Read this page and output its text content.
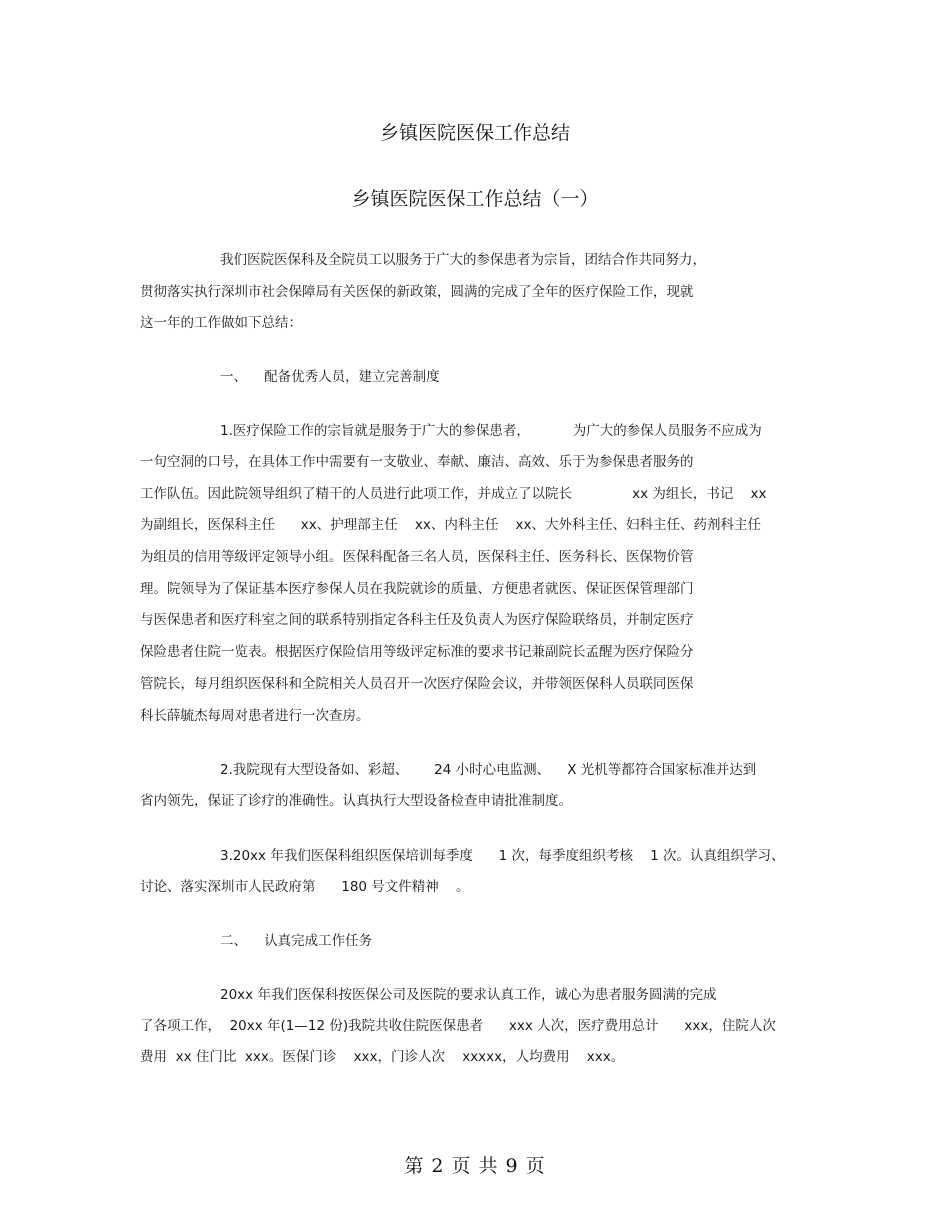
乡镇医院医保工作总结
乡镇医院医保工作总结（一）
我们医院医保科及全院员工以服务于广大的参保患者为宗旨，团结合作共同努力，
贯彻落实执行深圳市社会保障局有关医保的新政策，圆满的完成了全年的医疗保险工作，现就
这一年的工作做如下总结：
一、    配备优秀人员，建立完善制度
1.医疗保险工作的宗旨就是服务于广大的参保患者，          为广大的参保人员服务不应成为
一句空洞的口号，在具体工作中需要有一支敬业、奉献、廉洁、高效、乐于为参保患者服务的
工作队伍。因此院领导组织了精干的人员进行此项工作，并成立了以院长              xx 为组长，书记    xx
为副组长，医保科主任      xx、护理部主任    xx、内科主任    xx、大外科主任、妇科主任、药剂科主任
为组员的信用等级评定领导小组。医保科配备三名人员，医保科主任、医务科长、医保物价管
理。院领导为了保证基本医疗参保人员在我院就诊的质量、方便患者就医、保证医保管理部门
与医保患者和医疗科室之间的联系特别指定各科主任及负责人为医疗保险联络员，并制定医疗
保险患者住院一览表。根据医疗保险信用等级评定标准的要求书记兼副院长孟醒为医疗保险分
管院长，每月组织医保科和全院相关人员召开一次医疗保险会议，并带领医保科人员联同医保
科长薛毓杰每周对患者进行一次查房。
2.我院现有大型设备如、彩超、      24 小时心电监测、    X 光机等都符合国家标准并达到
省内领先，保证了诊疗的准确性。认真执行大型设备检查申请批准制度。
3.20xx 年我们医保科组织医保培训每季度      1 次，每季度组织考核    1 次。认真组织学习、
讨论、落实深圳市人民政府第      180 号文件精神    。
二、    认真完成工作任务
20xx 年我们医保科按医保公司及医院的要求认真工作，诚心为患者服务圆满的完成
了各项工作，  20xx 年(1—12 份)我院共收住院医保患者      xxx 人次，医疗费用总计      xxx，住院人次
费用  xx 住门比  xxx。医保门诊    xxx，门诊人次    xxxxx，人均费用    xxx。
第 2 页 共 9 页
